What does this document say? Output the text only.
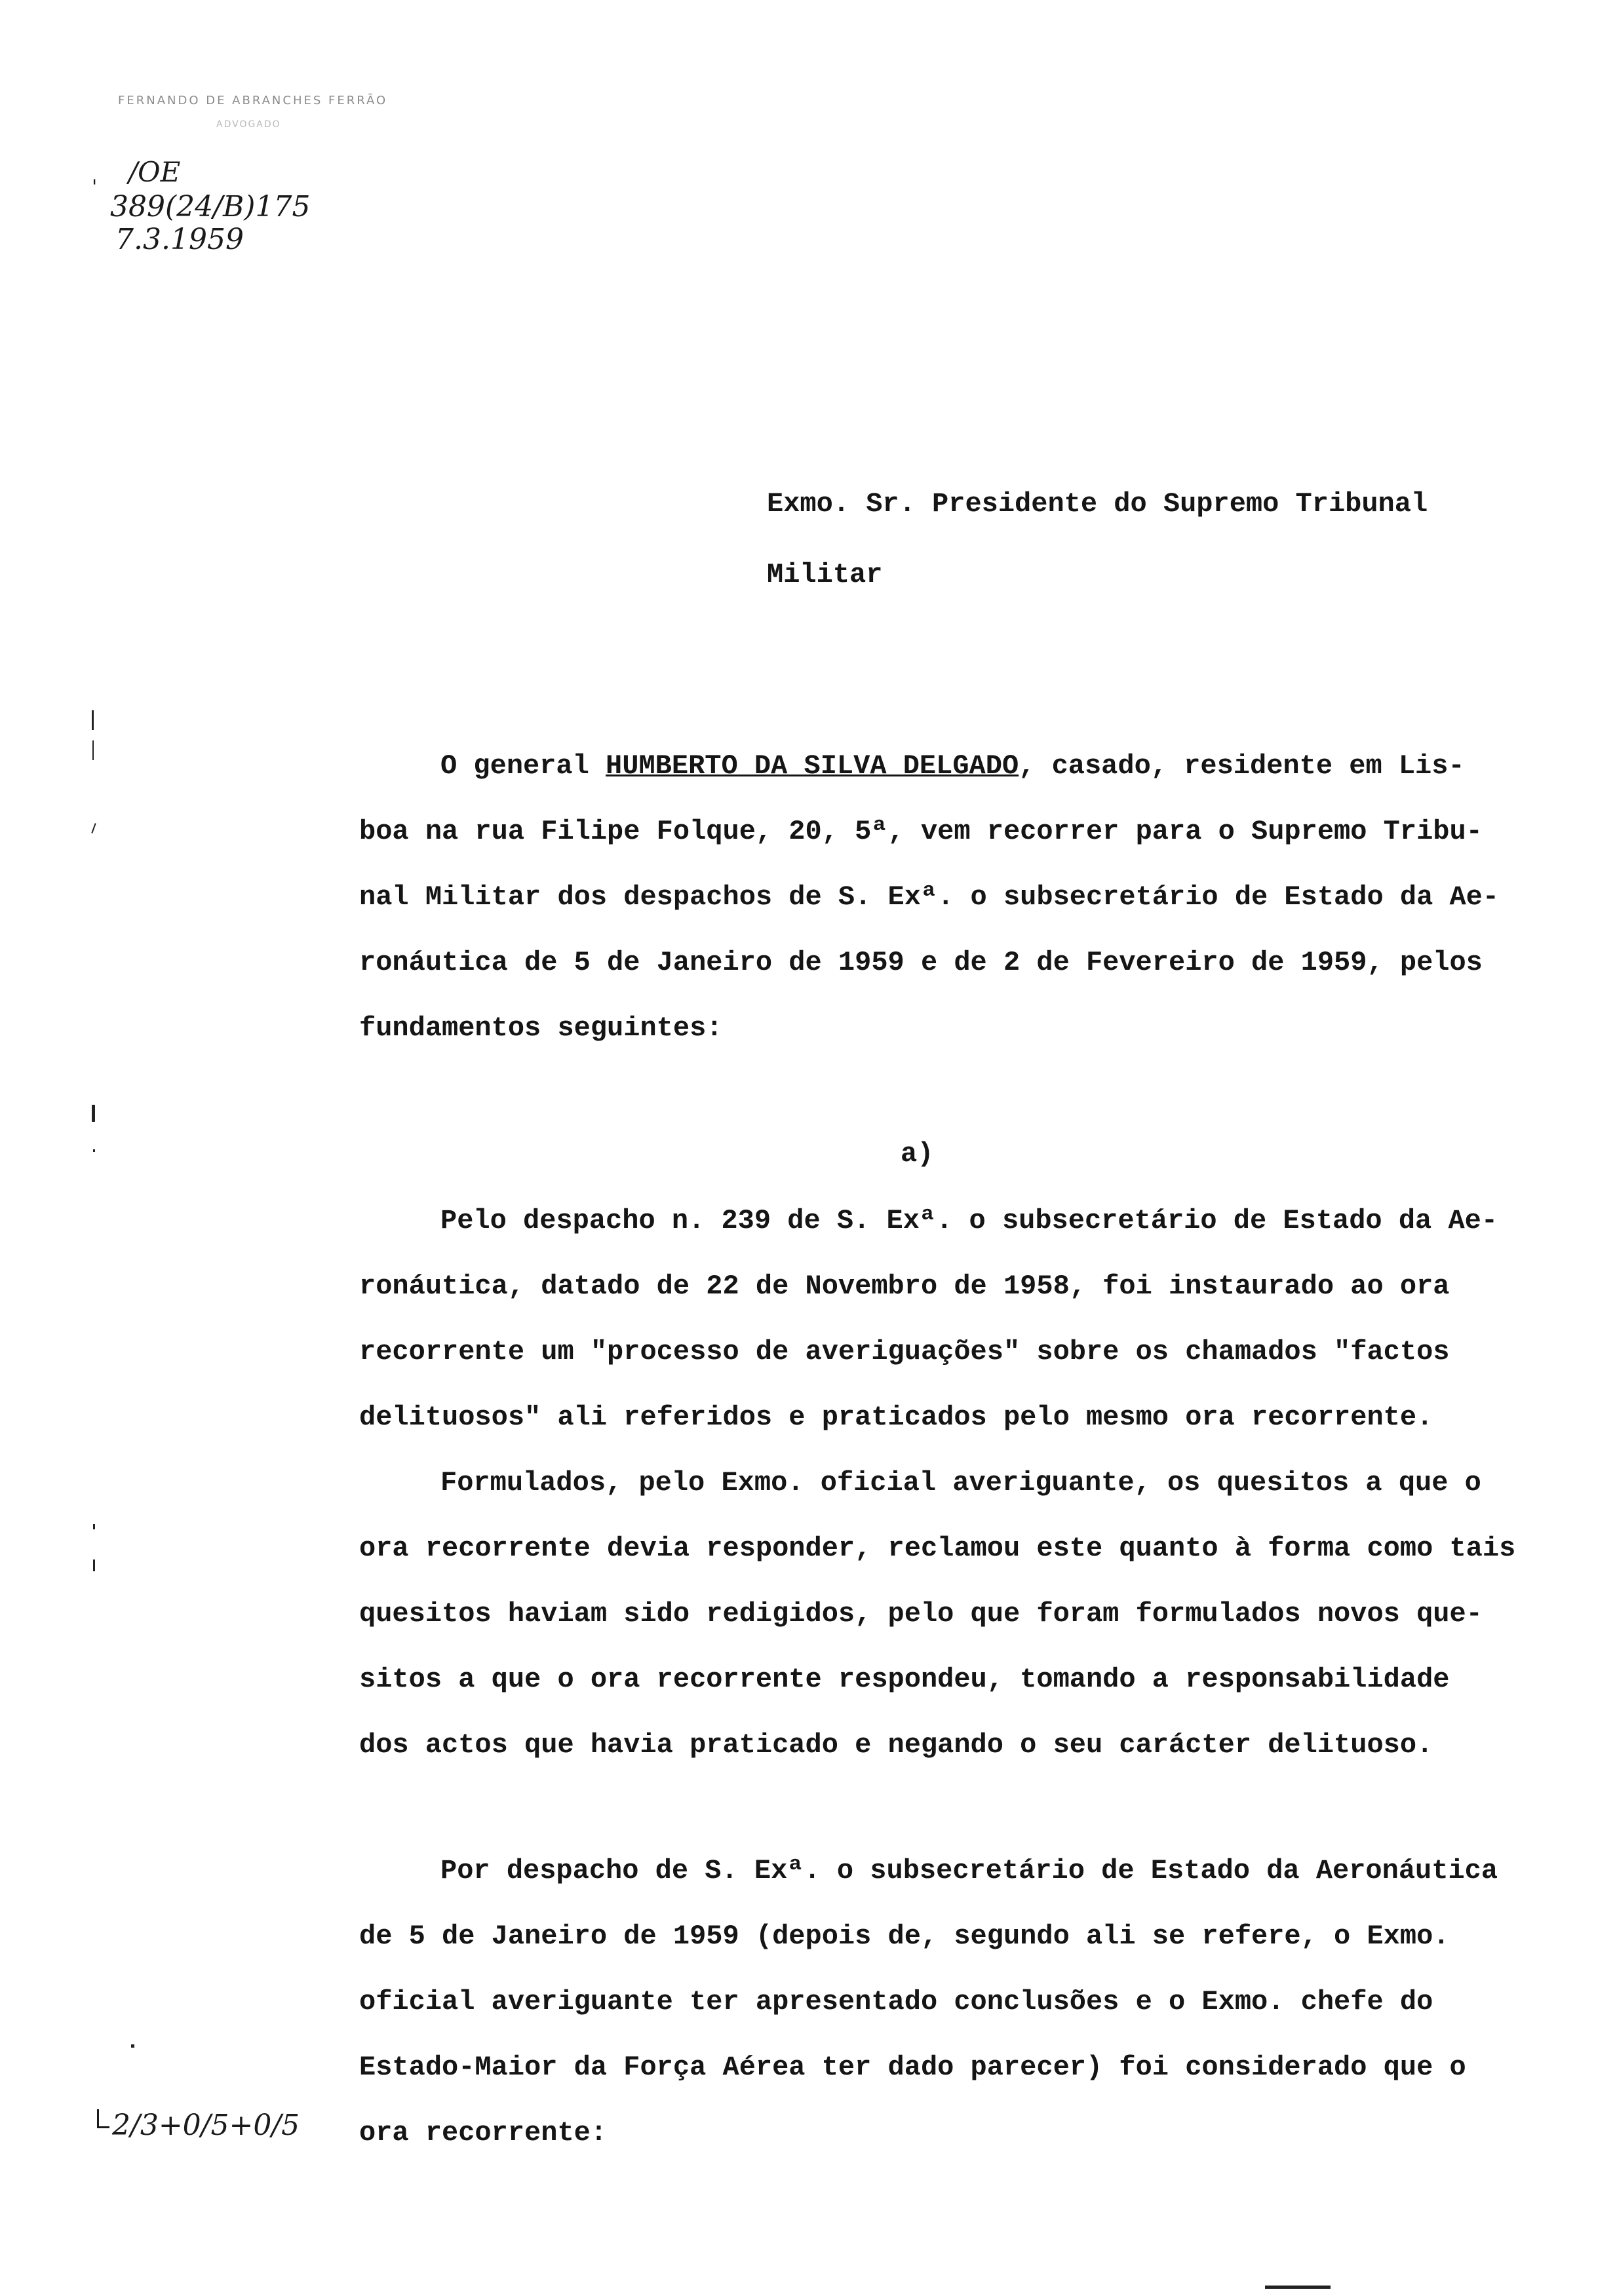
FERNANDO DE ABRANCHES FERRÃO
ADVOGADO
' /OE
389(24/B)175
7.3.1959
Exmo. Sr. Presidente do Supremo Tribunal
Militar
O general HUMBERTO DA SILVA DELGADO, casado, residente em Lis-
boa na rua Filipe Folque, 20, 5ª, vem recorrer para o Supremo Tribu-
nal Militar dos despachos de S. Exª. o subsecretário de Estado da Ae-
ronáutica de 5 de Janeiro de 1959 e de 2 de Fevereiro de 1959, pelos
fundamentos seguintes:
a)
Pelo despacho n. 239 de S. Exª. o subsecretário de Estado da Ae-
ronáutica, datado de 22 de Novembro de 1958, foi instaurado ao ora
recorrente um "processo de averiguações" sobre os chamados "factos
delituosos" ali referidos e praticados pelo mesmo ora recorrente.
Formulados, pelo Exmo. oficial averiguante, os quesitos a que o
ora recorrente devia responder, reclamou este quanto à forma como tais
quesitos haviam sido redigidos, pelo que foram formulados novos que-
sitos a que o ora recorrente respondeu, tomando a responsabilidade
dos actos que havia praticado e negando o seu carácter delituoso.
Por despacho de S. Exª. o subsecretário de Estado da Aeronáutica
de 5 de Janeiro de 1959 (depois de, segundo ali se refere, o Exmo.
oficial averiguante ter apresentado conclusões e o Exmo. chefe do
Estado-Maior da Força Aérea ter dado parecer) foi considerado que o
ora recorrente:
2/3+0/5+0/5
